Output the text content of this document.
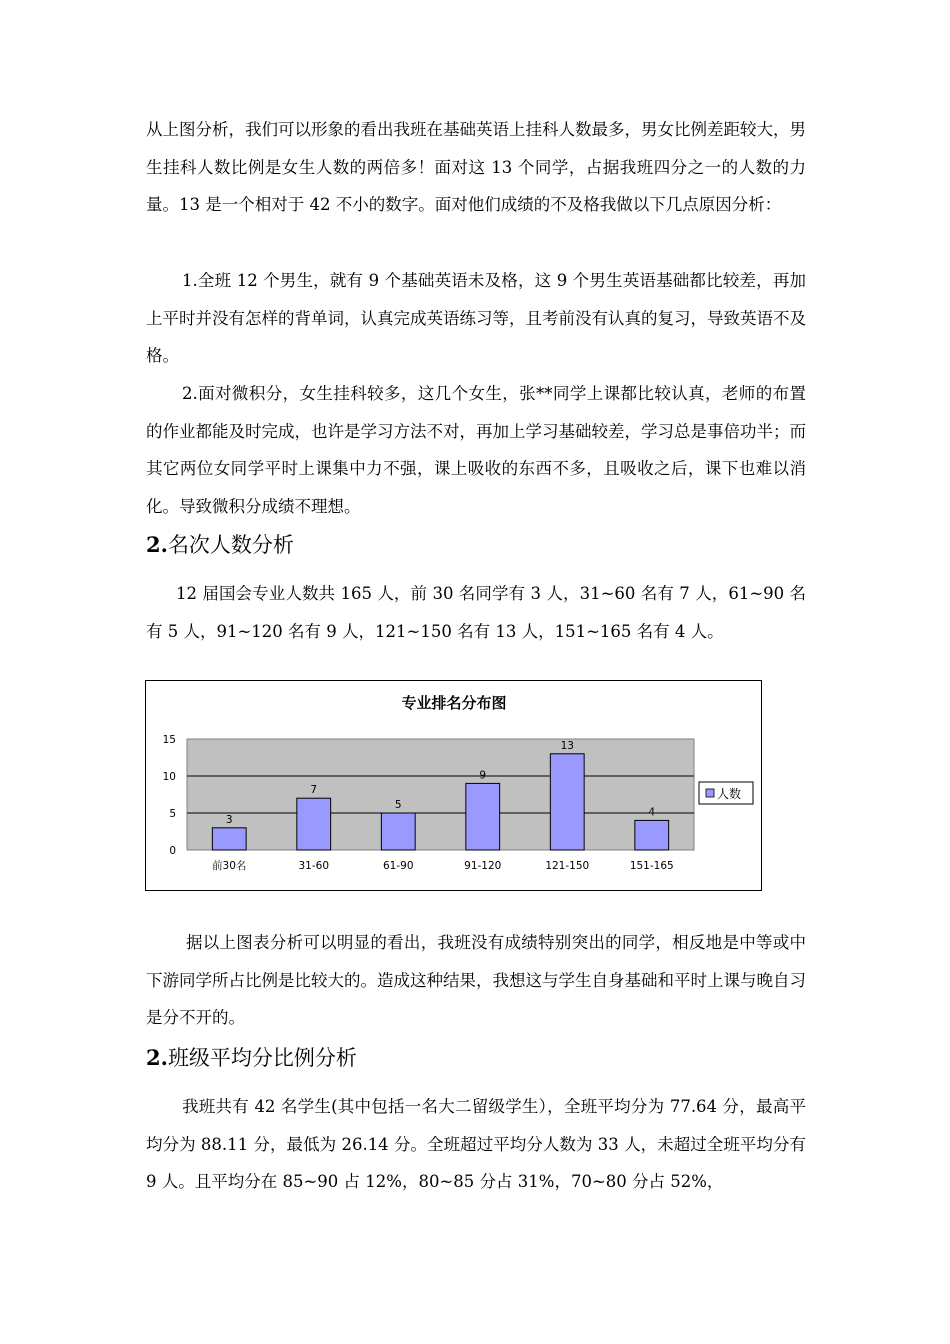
从上图分析，我们可以形象的看出我班在基础英语上挂科人数最多，男女比例差距较大，男生挂科人数比例是女生人数的两倍多！面对这 13 个同学，占据我班四分之一的人数的力量。13 是一个相对于 42 不小的数字。面对他们成绩的不及格我做以下几点原因分析：

1.全班 12 个男生，就有 9 个基础英语未及格，这 9 个男生英语基础都比较差，再加上平时并没有怎样的背单词，认真完成英语练习等，且考前没有认真的复习，导致英语不及格。

2.面对微积分，女生挂科较多，这几个女生，张**同学上课都比较认真，老师的布置的作业都能及时完成，也许是学习方法不对，再加上学习基础较差，学习总是事倍功半；而其它两位女同学平时上课集中力不强，课上吸收的东西不多，且吸收之后，课下也难以消化。导致微积分成绩不理想。

2.名次人数分析

12 届国会专业人数共 165 人，前 30 名同学有 3 人，31~60 名有 7 人，61~90 名有 5 人，91~120 名有 9 人，121~150 名有 13 人，151~165 名有 4 人。

专业排名分布图
0
5
10
15
3
7
5
9
13
4
前30名	31-60	61-90	91-120	121-150	151-165
人数

据以上图表分析可以明显的看出，我班没有成绩特别突出的同学，相反地是中等或中下游同学所占比例是比较大的。造成这种结果，我想这与学生自身基础和平时上课与晚自习是分不开的。

2.班级平均分比例分析

我班共有 42 名学生(其中包括一名大二留级学生），全班平均分为 77.64 分，最高平均分为 88.11 分，最低为 26.14 分。全班超过平均分人数为 33 人，未超过全班平均分有 9 人。且平均分在 85~90 占 12%，80~85 分占 31%，70~80 分占 52%，
